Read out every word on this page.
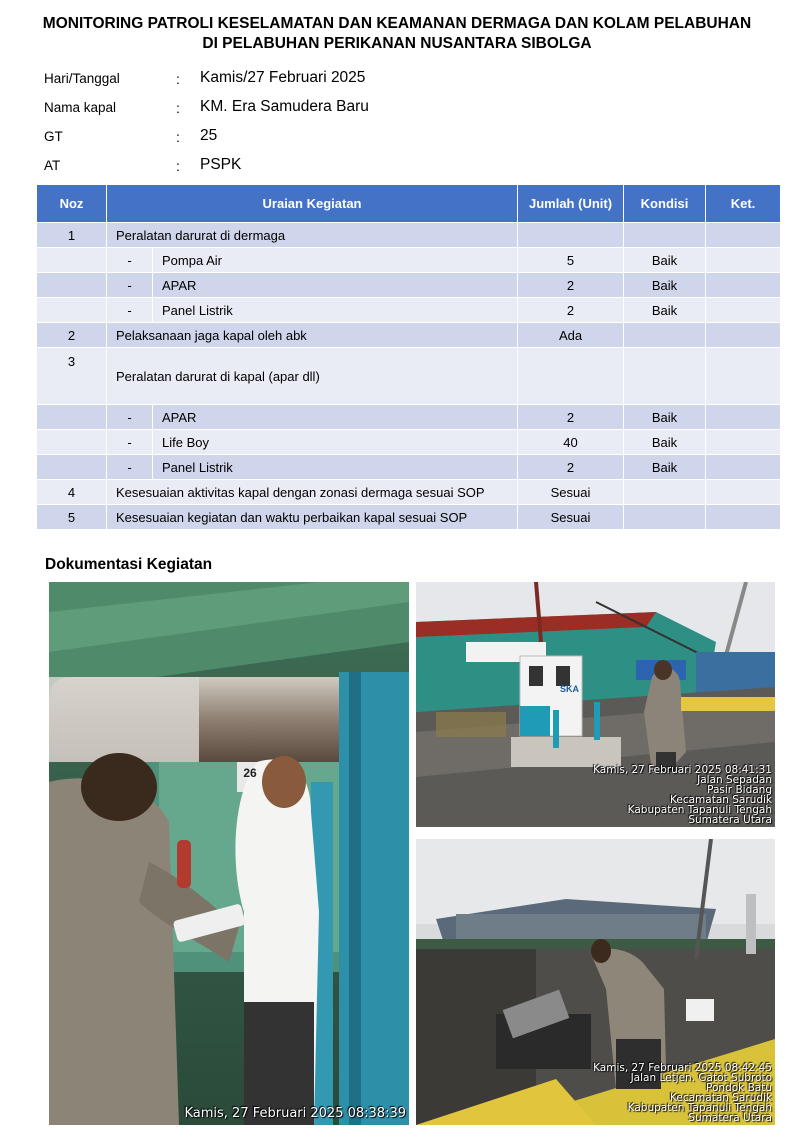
MONITORING PATROLI KESELAMATAN DAN KEAMANAN DERMAGA DAN KOLAM PELABUHAN
DI PELABUHAN PERIKANAN NUSANTARA SIBOLGA
Hari/Tanggal	: Kamis/27 Februari 2025
Nama kapal	: KM. Era Samudera Baru
GT	: 25
AT	: PSPK
Noz	Uraian Kegiatan		Jumlah (Unit)	Kondisi	Ket.
1	Peralatan darurat di dermaga				
	-	Pompa Air	5	Baik	
	-	APAR	2	Baik	
	-	Panel Listrik	2	Baik	
2	Pelaksanaan jaga kapal oleh abk		Ada		
3	Peralatan darurat di kapal (apar dll)				
	-	APAR	2	Baik	
	-	Life Boy	40	Baik	
	-	Panel Listrik	2	Baik	
4	Kesesuaian aktivitas kapal dengan zonasi dermaga sesuai SOP		Sesuai		
5	Kesesuaian kegiatan dan waktu perbaikan kapal sesuai SOP		Sesuai		
Dokumentasi Kegiatan
Kamis, 27 Februari 2025 08:38:39
26
SKA
Kamis, 27 Februari 2025 08:41:31
Jalan Sepadan
Pasir Bidang
Kecamatan Sarudik
Kabupaten Tapanuli Tengah
Sumatera Utara
Kamis, 27 Februari 2025 08:42:45
Jalan Letjen. Gatot Subroto
Pondok Batu
Kecamatan Sarudik
Kabupaten Tapanuli Tengah
Sumatera Utara
